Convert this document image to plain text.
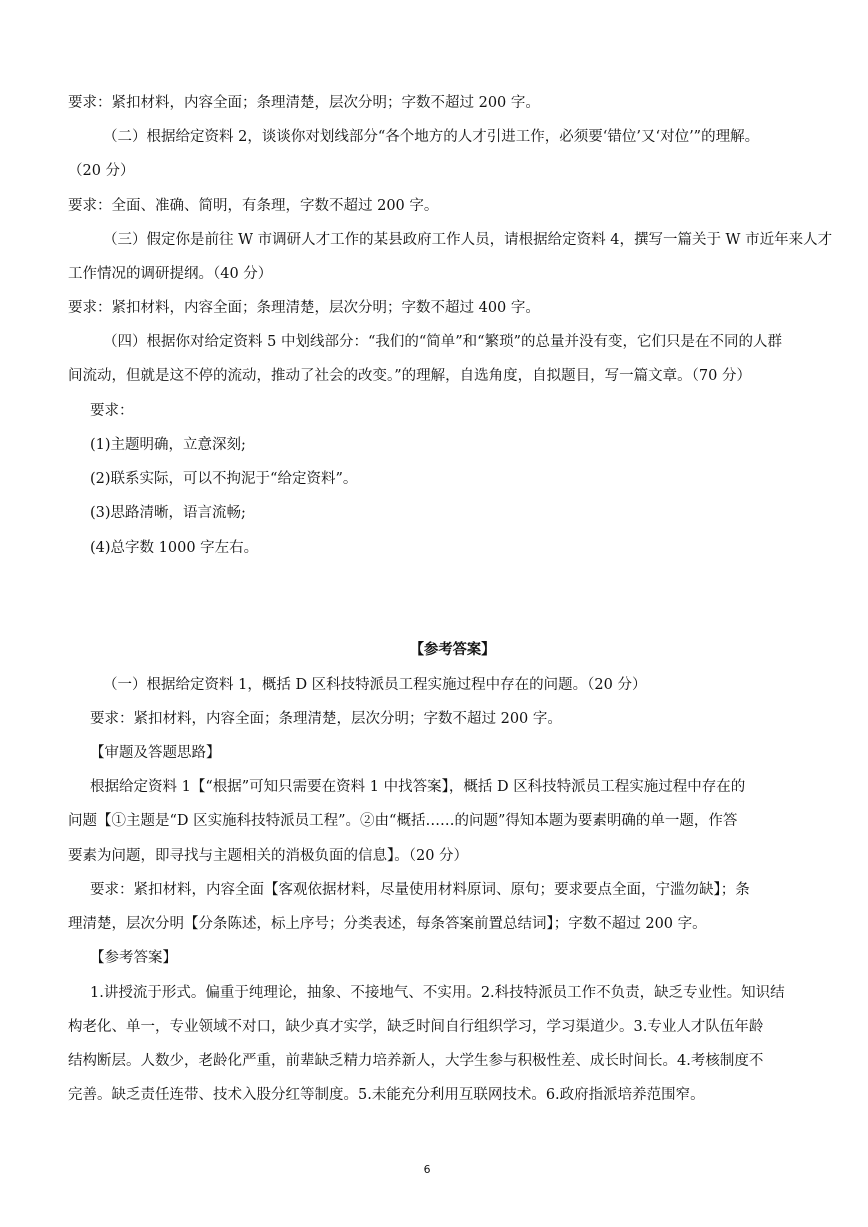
要求：紧扣材料，内容全面；条理清楚，层次分明；字数不超过 200 字。
（二）根据给定资料 2，谈谈你对划线部分“各个地方的人才引进工作，必须要‘错位’又‘对位’”的理解。
（20 分）
要求：全面、准确、简明，有条理，字数不超过 200 字。
（三）假定你是前往 W 市调研人才工作的某县政府工作人员，请根据给定资料 4，撰写一篇关于 W 市近年来人才
工作情况的调研提纲。（40 分）
要求：紧扣材料，内容全面；条理清楚，层次分明；字数不超过 400 字。
（四）根据你对给定资料 5 中划线部分：“我们的“简单”和“繁琐”的总量并没有变，它们只是在不同的人群
间流动，但就是这不停的流动，推动了社会的改变。”的理解，自选角度，自拟题目，写一篇文章。（70 分）
要求：
(1)主题明确，立意深刻;
(2)联系实际，可以不拘泥于“给定资料”。
(3)思路清晰，语言流畅;
(4)总字数 1000 字左右。
【参考答案】
（一）根据给定资料 1，概括 D 区科技特派员工程实施过程中存在的问题。（20 分）
要求：紧扣材料，内容全面；条理清楚，层次分明；字数不超过 200 字。
【审题及答题思路】
根据给定资料 1【“根据”可知只需要在资料 1 中找答案】，概括 D 区科技特派员工程实施过程中存在的
问题【①主题是“D 区实施科技特派员工程”。②由“概括……的问题”得知本题为要素明确的单一题，作答
要素为问题，即寻找与主题相关的消极负面的信息】。（20 分）
要求：紧扣材料，内容全面【客观依据材料，尽量使用材料原词、原句；要求要点全面，宁滥勿缺】；条
理清楚，层次分明【分条陈述，标上序号；分类表述，每条答案前置总结词】；字数不超过 200 字。
【参考答案】
1.讲授流于形式。偏重于纯理论，抽象、不接地气、不实用。2.科技特派员工作不负责，缺乏专业性。知识结
构老化、单一，专业领域不对口，缺少真才实学，缺乏时间自行组织学习，学习渠道少。3.专业人才队伍年龄
结构断层。人数少，老龄化严重，前辈缺乏精力培养新人，大学生参与积极性差、成长时间长。4.考核制度不
完善。缺乏责任连带、技术入股分红等制度。5.未能充分利用互联网技术。6.政府指派培养范围窄。
6
